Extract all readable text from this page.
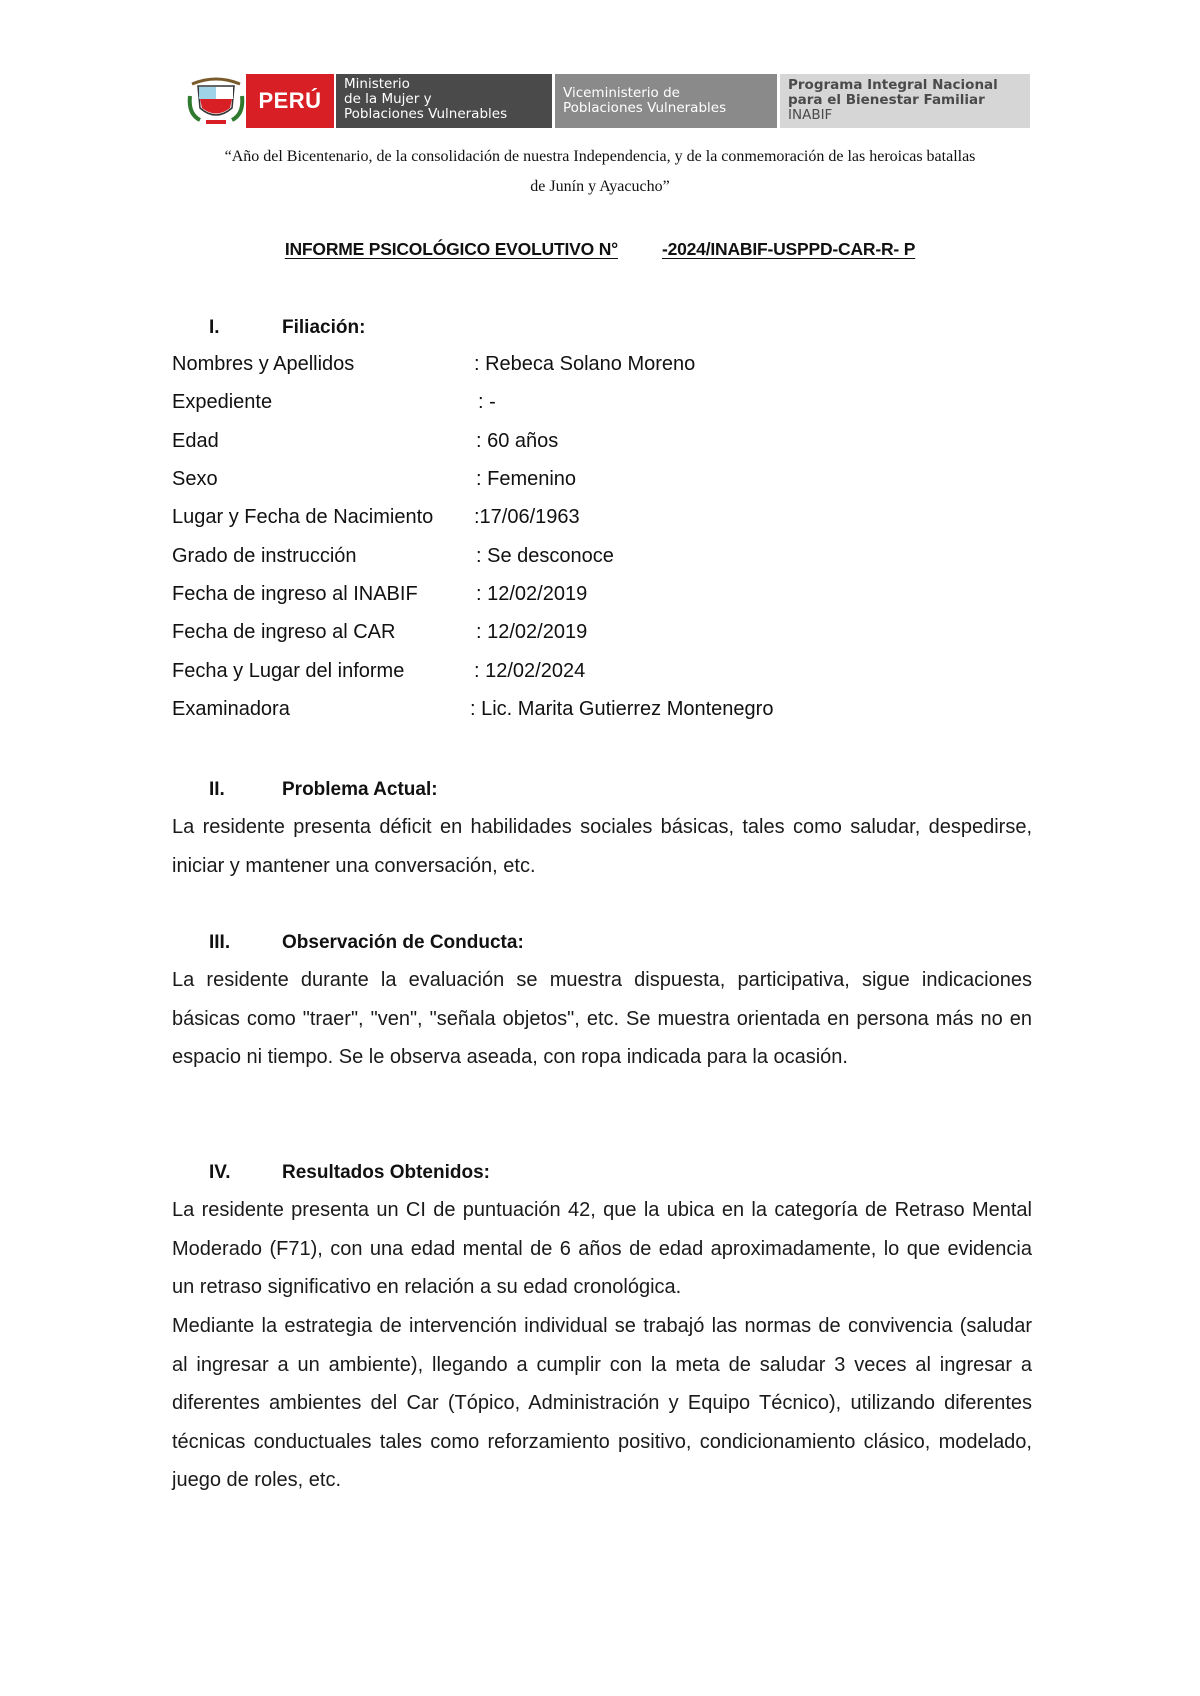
PERÚ
Ministerio
de la Mujer y
Poblaciones Vulnerables
Viceministerio de
Poblaciones Vulnerables
Programa Integral Nacional
para el Bienestar Familiar
INABIF
“Año del Bicentenario, de la consolidación de nuestra Independencia, y de la conmemoración de las heroicas batallas
de Junín y Ayacucho”
INFORME PSICOLÓGICO EVOLUTIVO N°	-2024/INABIF-USPPD-CAR-R- P
I.	Filiación:
Nombres y Apellidos	: Rebeca Solano Moreno
Expediente	: -
Edad	: 60 años
Sexo	: Femenino
Lugar y Fecha de Nacimiento :17/06/1963
Grado de instrucción	: Se desconoce
Fecha de ingreso al INABIF	: 12/02/2019
Fecha de ingreso al CAR	: 12/02/2019
Fecha y Lugar del informe	: 12/02/2024
Examinadora	: Lic. Marita Gutierrez Montenegro
II.	Problema Actual:
La residente presenta déficit en habilidades sociales básicas, tales como saludar, despedirse, iniciar y mantener una conversación, etc.
III.	Observación de Conducta:
La residente durante la evaluación se muestra dispuesta, participativa, sigue indicaciones básicas como "traer", "ven", "señala objetos", etc. Se muestra orientada en persona más no en espacio ni tiempo. Se le observa aseada, con ropa indicada para la ocasión.
IV.	Resultados Obtenidos:
La residente presenta un CI de puntuación 42, que la ubica en la categoría de Retraso Mental Moderado (F71), con una edad mental de 6 años de edad aproximadamente, lo que evidencia un retraso significativo en relación a su edad cronológica.
Mediante la estrategia de intervención individual se trabajó las normas de convivencia (saludar al ingresar a un ambiente), llegando a cumplir con la meta de saludar 3 veces al ingresar a diferentes ambientes del Car (Tópico, Administración y Equipo Técnico), utilizando diferentes técnicas conductuales tales como reforzamiento positivo, condicionamiento clásico, modelado, juego de roles, etc.
